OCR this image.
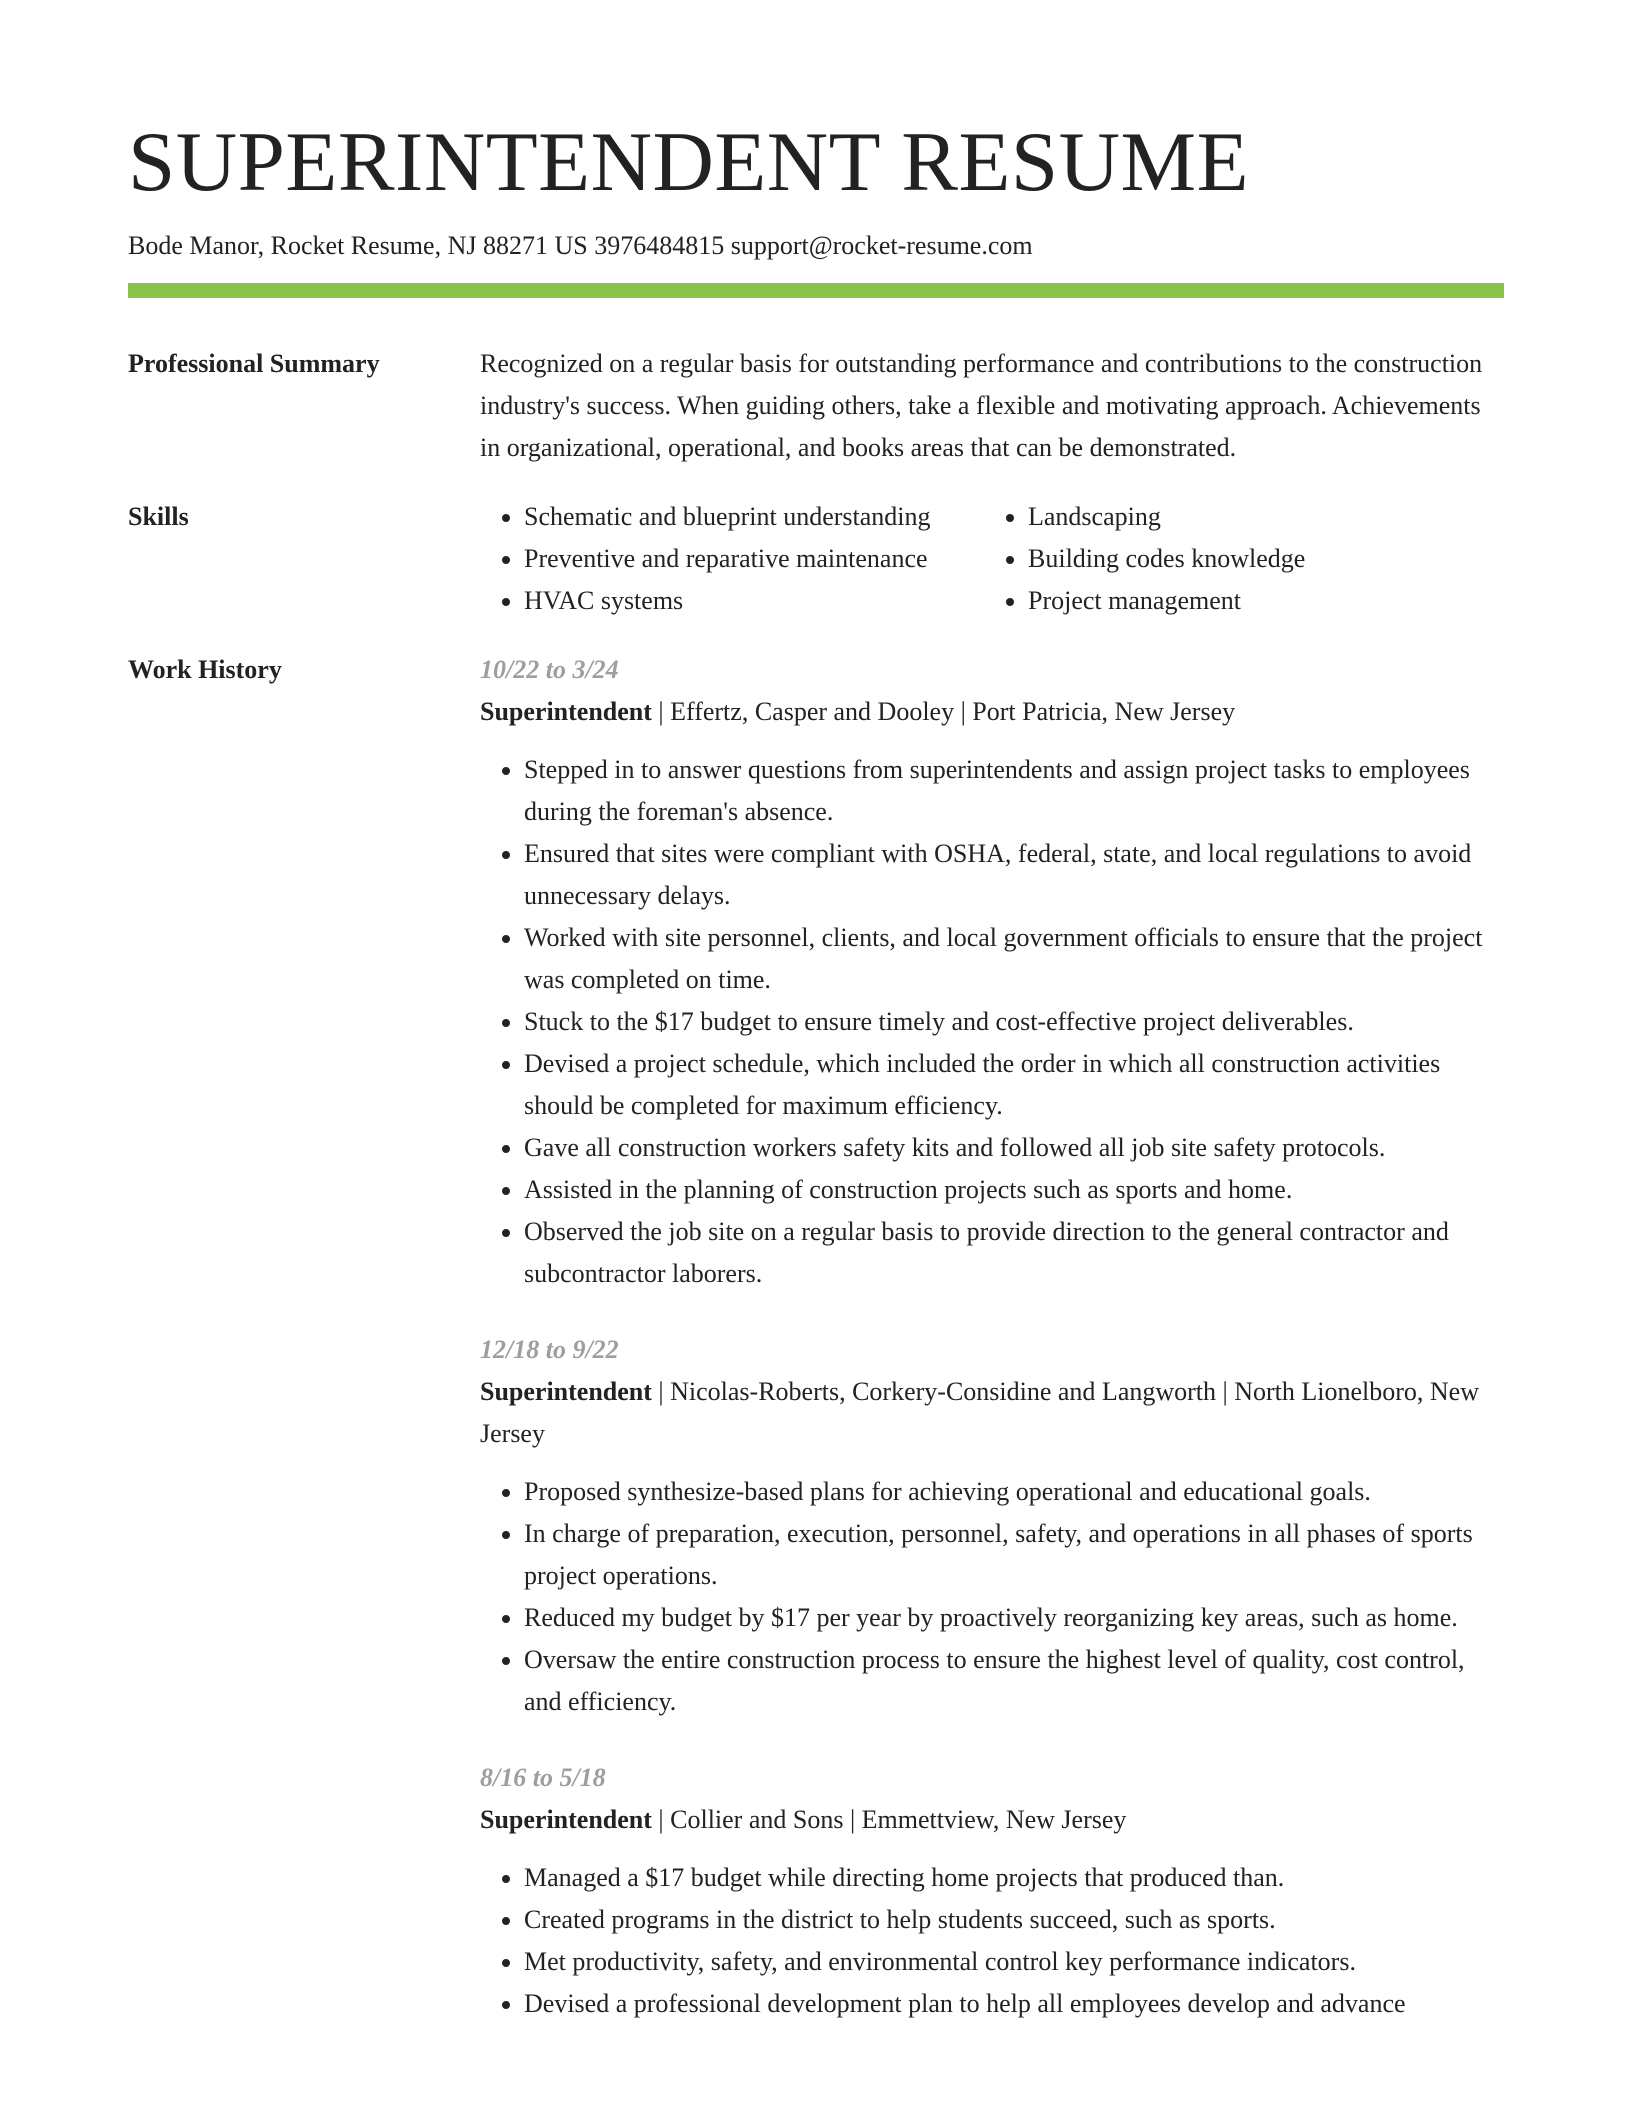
SUPERINTENDENT RESUME
Bode Manor, Rocket Resume, NJ 88271 US 3976484815 support@rocket-resume.com
Professional Summary	Recognized on a regular basis for outstanding performance and contributions to the construction industry's success. When guiding others, take a flexible and motivating approach. Achievements in organizational, operational, and books areas that can be demonstrated.

Skills
•	Schematic and blueprint understanding
• Preventive and reparative maintenance
• HVAC systems
• Landscaping
• Building codes knowledge
• Project management
Work History	10/22 to 3/24

Superintendent | Effertz, Casper and Dooley | Port Patricia, New Jersey

• Stepped in to answer questions from superintendents and assign project tasks to employees during the foreman's absence.
• Ensured that sites were compliant with OSHA, federal, state, and local regulations to avoid unnecessary delays.
• Worked with site personnel, clients, and local government officials to ensure that the project was completed on time.
• Stuck to the $17 budget to ensure timely and cost-effective project deliverables.
• Devised a project schedule, which included the order in which all construction activities should be completed for maximum efficiency.
• Gave all construction workers safety kits and followed all job site safety protocols.
• Assisted in the planning of construction projects such as sports and home.
• Observed the job site on a regular basis to provide direction to the general contractor and subcontractor laborers.
12/18 to 9/22

Superintendent | Nicolas-Roberts, Corkery-Considine and Langworth | North Lionelboro, New Jersey

• Proposed synthesize-based plans for achieving operational and educational goals.
• In charge of preparation, execution, personnel, safety, and operations in all phases of sports project operations.
• Reduced my budget by $17 per year by proactively reorganizing key areas, such as home.
• Oversaw the entire construction process to ensure the highest level of quality, cost control, and efficiency.
8/16 to 5/18

Superintendent | Collier and Sons | Emmettview, New Jersey

• Managed a $17 budget while directing home projects that produced than.
• Created programs in the district to help students succeed, such as sports.
• Met productivity, safety, and environmental control key performance indicators.
• Devised a professional development plan to help all employees develop and advance
